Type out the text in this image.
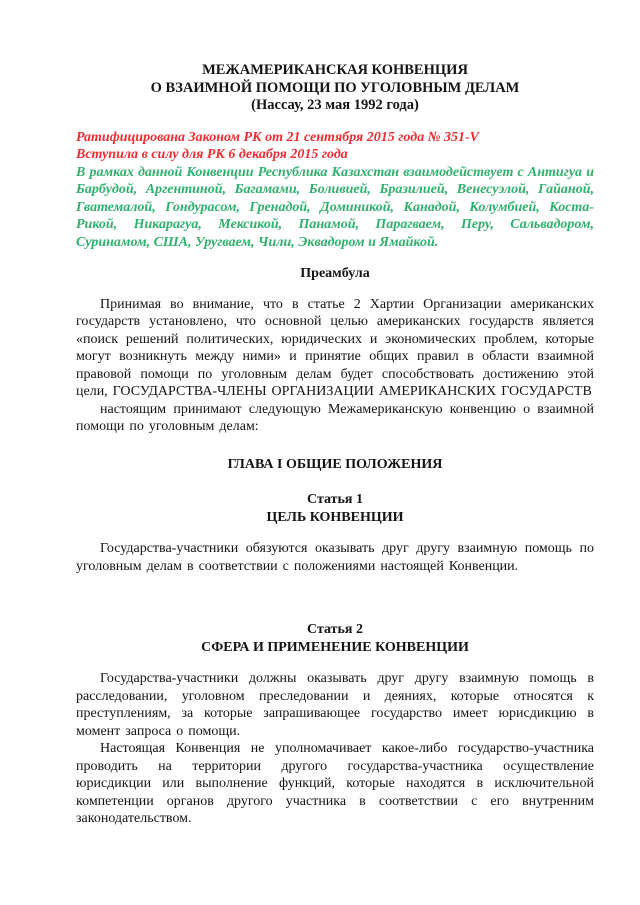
МЕЖАМЕРИКАНСКАЯ КОНВЕНЦИЯ
О ВЗАИМНОЙ ПОМОЩИ ПО УГОЛОВНЫМ ДЕЛАМ
(Нассау, 23 мая 1992 года)

Ратифицирована Законом РК от 21 сентября 2015 года № 351-V

Вступила в силу для РК 6 декабря 2015 года

В рамках данной Конвенции Республика Казахстан взаимодействует с Антигуа и Барбудой, Аргентиной, Багамами, Боливией, Бразилией, Венесуэлой, Гайаной, Гватемалой, Гондурасом, Гренадой, Доминикой, Канадой, Колумбией, Коста-Рикой, Никарагуа, Мексикой, Панамой, Парагваем, Перу, Сальвадором, Суринамом, США, Уругваем, Чили, Эквадором и Ямайкой.

Преамбула

Принимая во внимание, что в статье 2 Хартии Организации американских государств установлено, что основной целью американских государств является «поиск решений политических, юридических и экономических проблем, которые могут возникнуть между ними» и принятие общих правил в области взаимной правовой помощи по уголовным делам будет способствовать достижению этой цели, ГОСУДАРСТВА-ЧЛЕНЫ ОРГАНИЗАЦИИ АМЕРИКАНСКИХ ГОСУДАРСТВ

настоящим принимают следующую Межамериканскую конвенцию о взаимной помощи по уголовным делам:

ГЛАВА I ОБЩИЕ ПОЛОЖЕНИЯ
Статья 1
ЦЕЛЬ КОНВЕНЦИИ

Государства-участники обязуются оказывать друг другу взаимную помощь по уголовным делам в соответствии с положениями настоящей Конвенции.

Статья 2
СФЕРА И ПРИМЕНЕНИЕ КОНВЕНЦИИ

Государства-участники должны оказывать друг другу взаимную помощь в расследовании, уголовном преследовании и деяниях, которые относятся к преступлениям, за которые запрашивающее государство имеет юрисдикцию в момент запроса о помощи.

Настоящая Конвенция не уполномачивает какое-либо государство-участника проводить на территории другого государства-участника осуществление юрисдикции или выполнение функций, которые находятся в исключительной компетенции органов другого участника в соответствии с его внутренним законодательством.
